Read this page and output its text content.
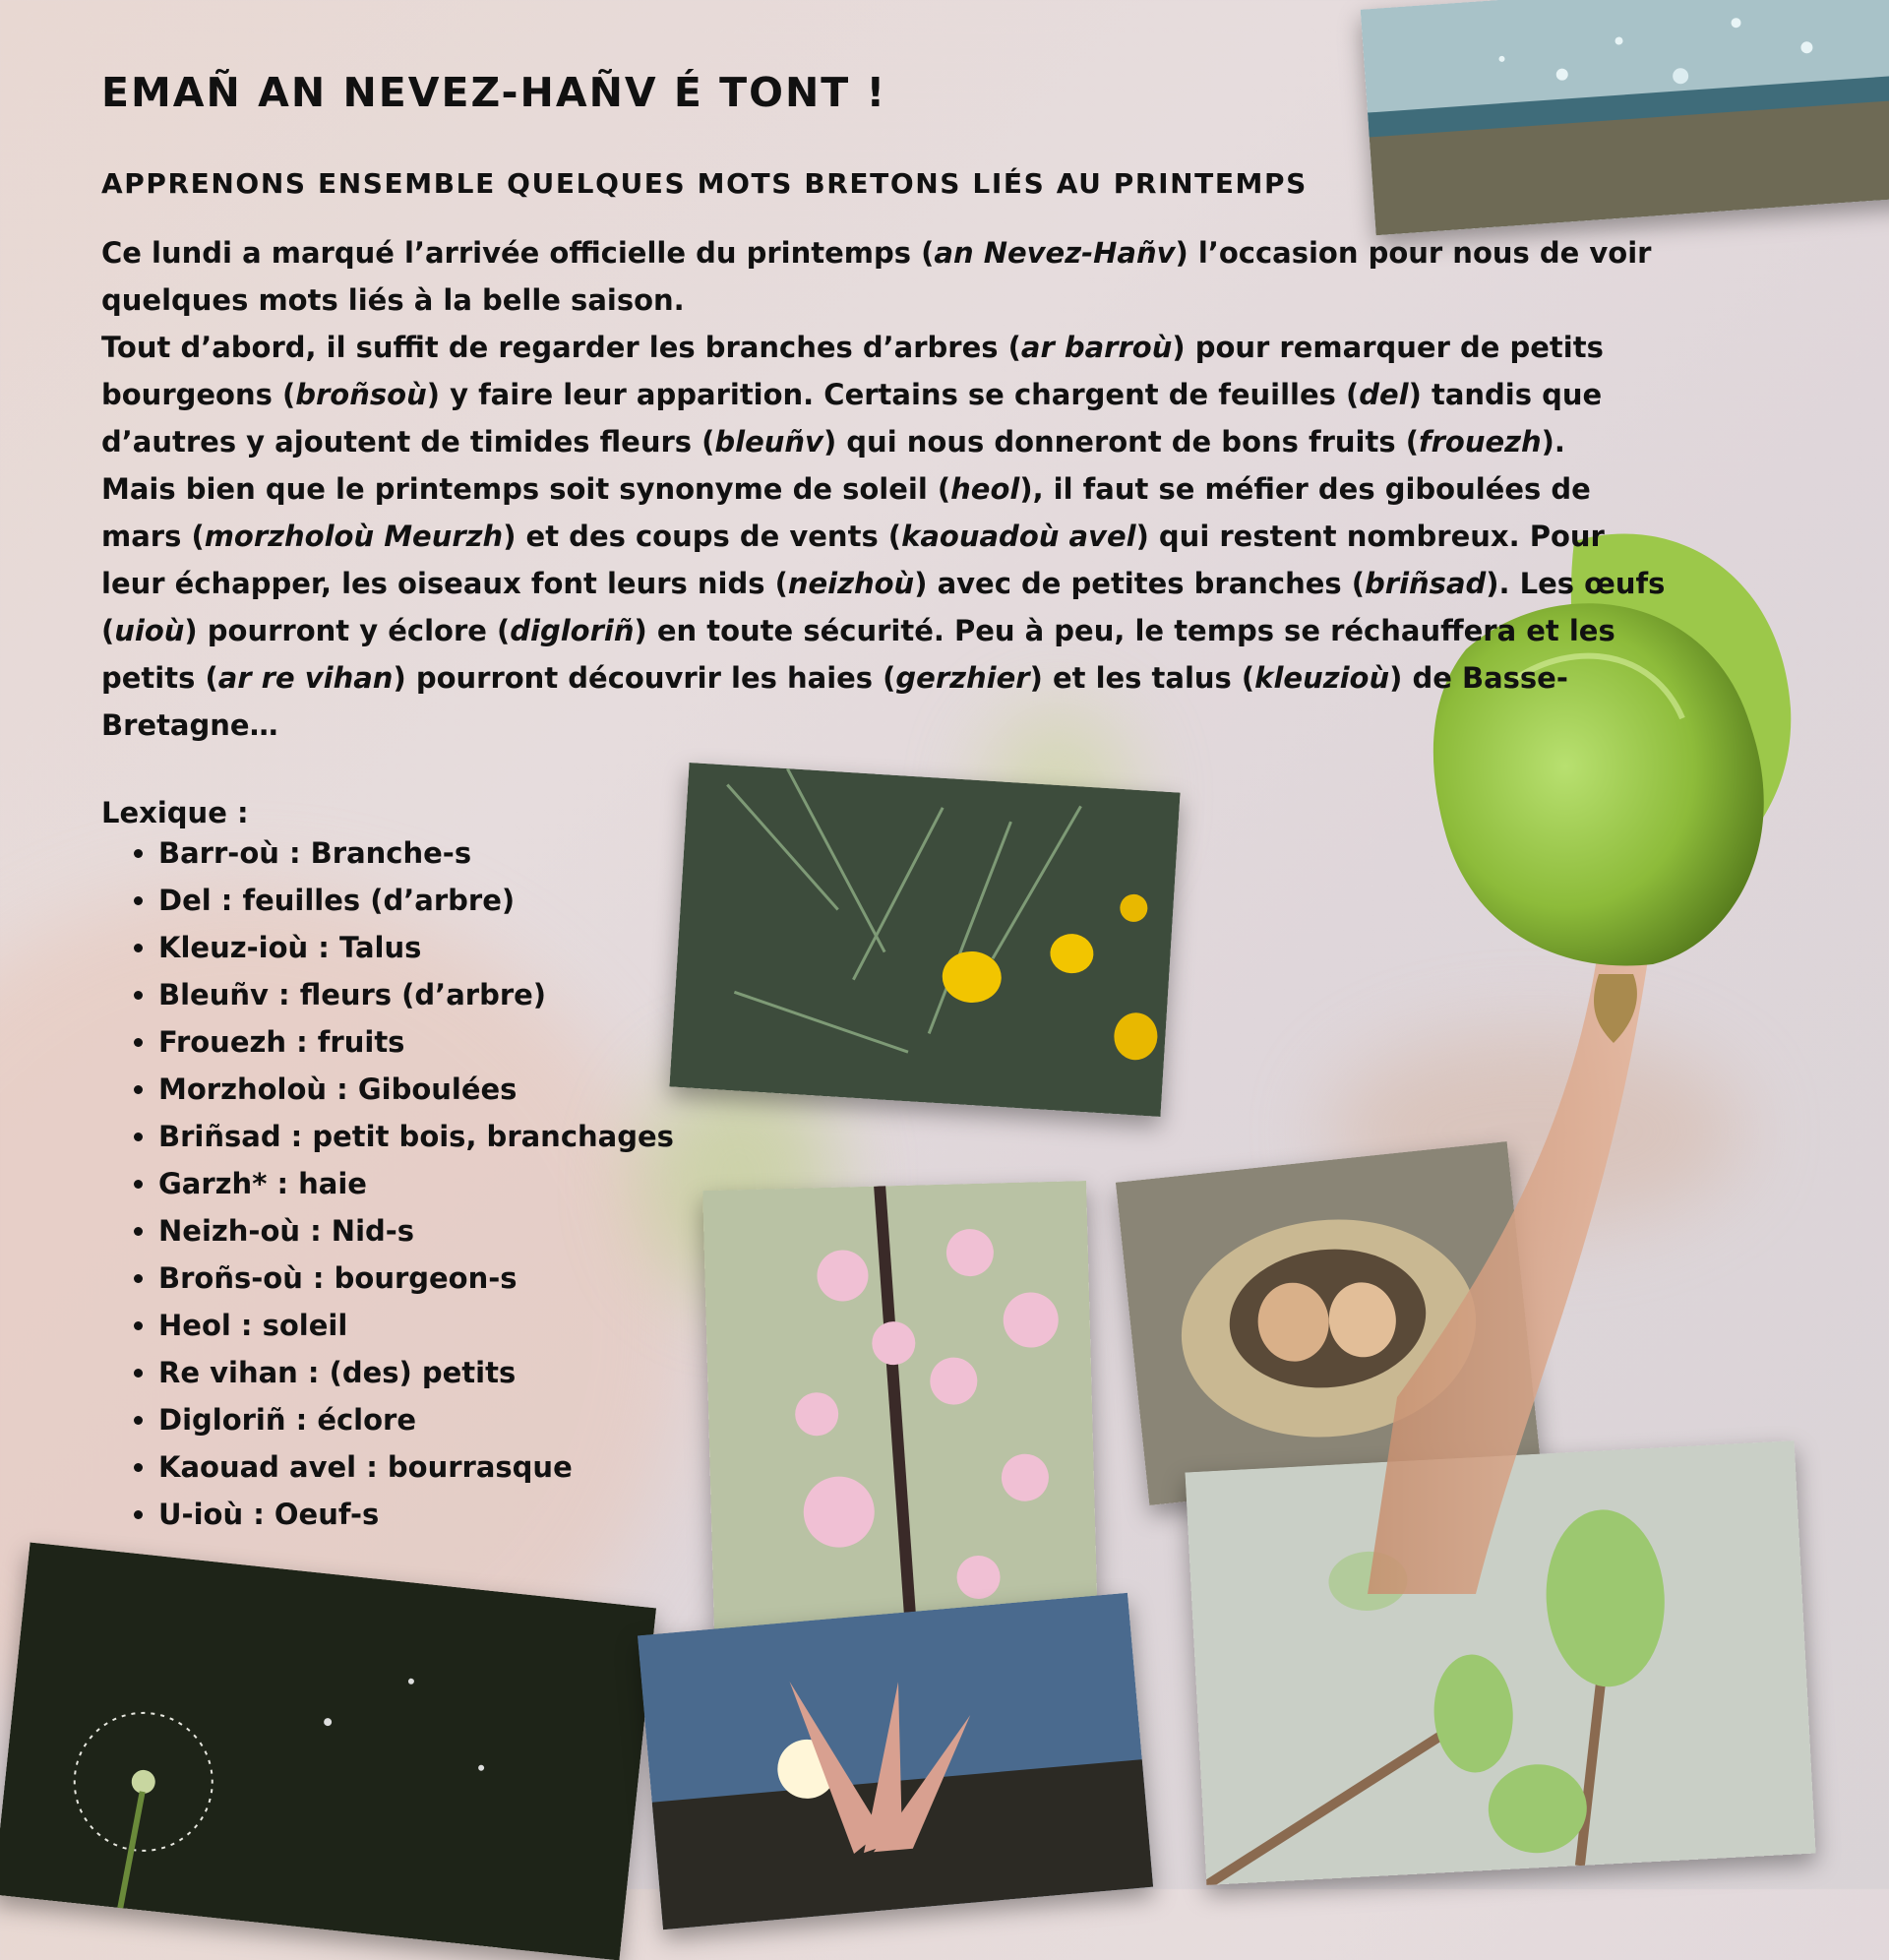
EMAÑ AN NEVEZ-HAÑV É TONT !
APPRENONS ENSEMBLE QUELQUES MOTS BRETONS LIÉS AU PRINTEMPS

Ce lundi a marqué l’arrivée officielle du printemps (an Nevez-Hañv) l’occasion pour nous de voir quelques mots liés à la belle saison.

Tout d’abord, il suffit de regarder les branches d’arbres (ar barroù) pour remarquer de petits bourgeons (broñsoù) y faire leur apparition. Certains se chargent de feuilles (del) tandis que d’autres y ajoutent de timides fleurs (bleuñv) qui nous donneront de bons fruits (frouezh).

Mais bien que le printemps soit synonyme de soleil (heol), il faut se méfier des giboulées de mars (morzholoù Meurzh) et des coups de vents (kaouadoù avel) qui restent nombreux. Pour leur échapper, les oiseaux font leurs nids (neizhoù) avec de petites branches (briñsad). Les œufs (uioù) pourront y éclore (digloriñ) en toute sécurité. Peu à peu, le temps se réchauffera et les petits (ar re vihan) pourront découvrir les haies (gerzhier) et les talus (kleuzioù) de Basse-Bretagne…

Lexique :
• Barr-où : Branche-s
• Del : feuilles (d’arbre)
• Kleuz-ioù : Talus
• Bleuñv : fleurs (d’arbre)
• Frouezh : fruits
• Morzholoù : Giboulées
• Briñsad : petit bois, branchages
• Garzh* : haie
• Neizh-où : Nid-s
• Broñs-où : bourgeon-s
• Heol : soleil
• Re vihan : (des) petits
• Digloriñ : éclore
• Kaouad avel : bourrasque
• U-ioù : Oeuf-s
